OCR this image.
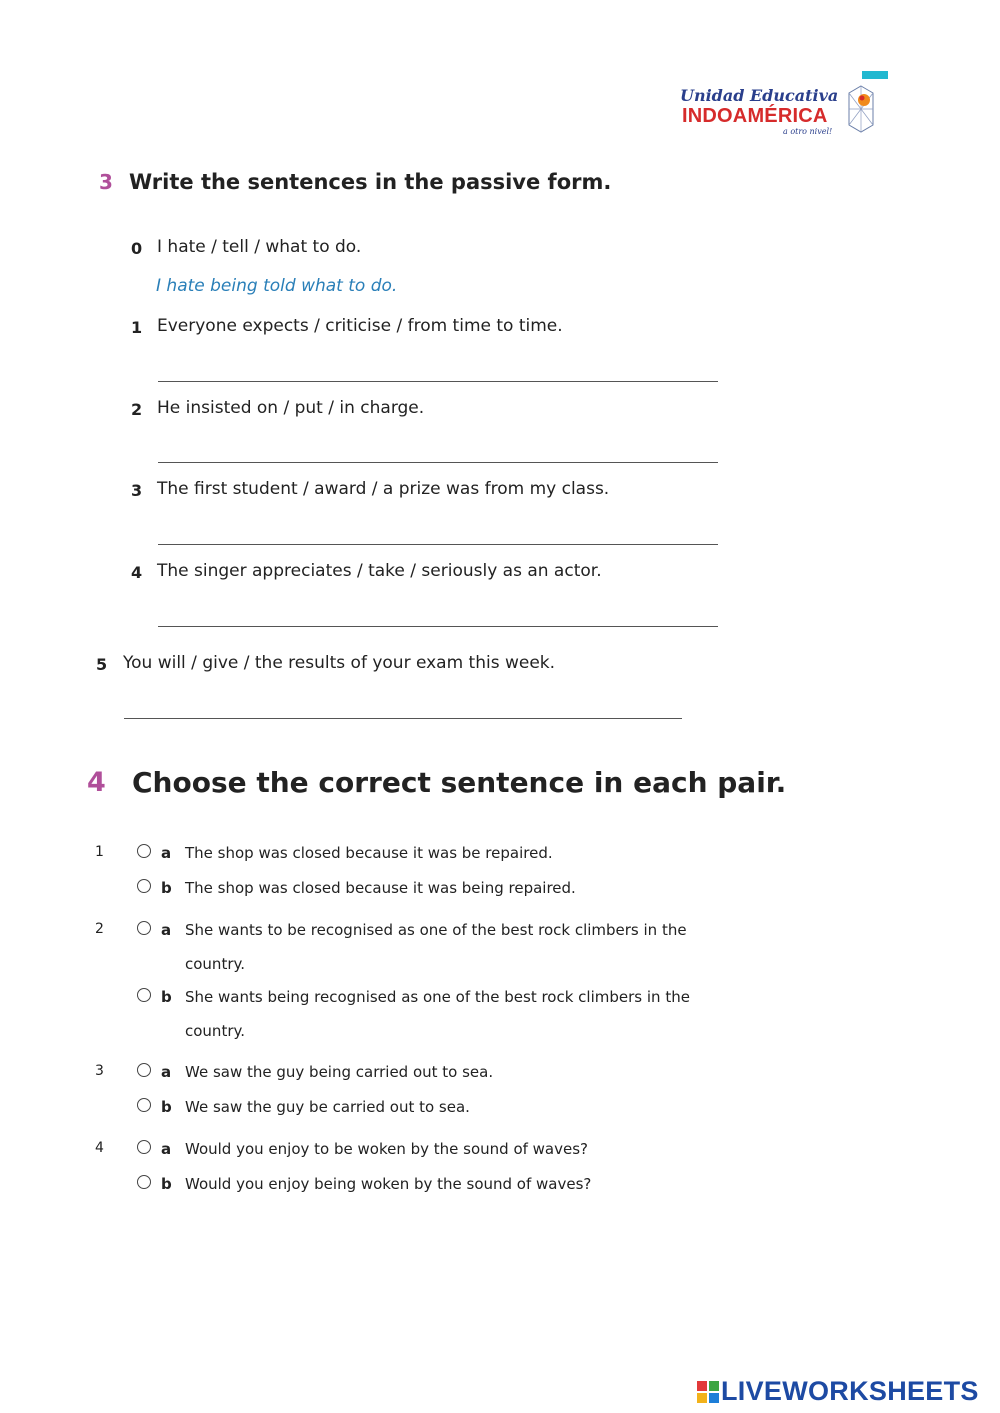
Unidad Educativa
INDOAMÉRICA
a otro nivel!
3 Write the sentences in the passive form.
0 I hate / tell / what to do.
I hate being told what to do.
1 Everyone expects / criticise / from time to time.
2 He insisted on / put / in charge.
3 The first student / award / a prize was from my class.
4 The singer appreciates / take / seriously as an actor.
5 You will / give / the results of your exam this week.
4 Choose the correct sentence in each pair.
1	a The shop was closed because it was be repaired.
b The shop was closed because it was being repaired.
2	a She wants to be recognised as one of the best rock climbers in the
country.
b She wants being recognised as one of the best rock climbers in the
country.
3	a We saw the guy being carried out to sea.
b We saw the guy be carried out to sea.
4	a Would you enjoy to be woken by the sound of waves?
b Would you enjoy being woken by the sound of waves?
LIVEWORKSHEETS
